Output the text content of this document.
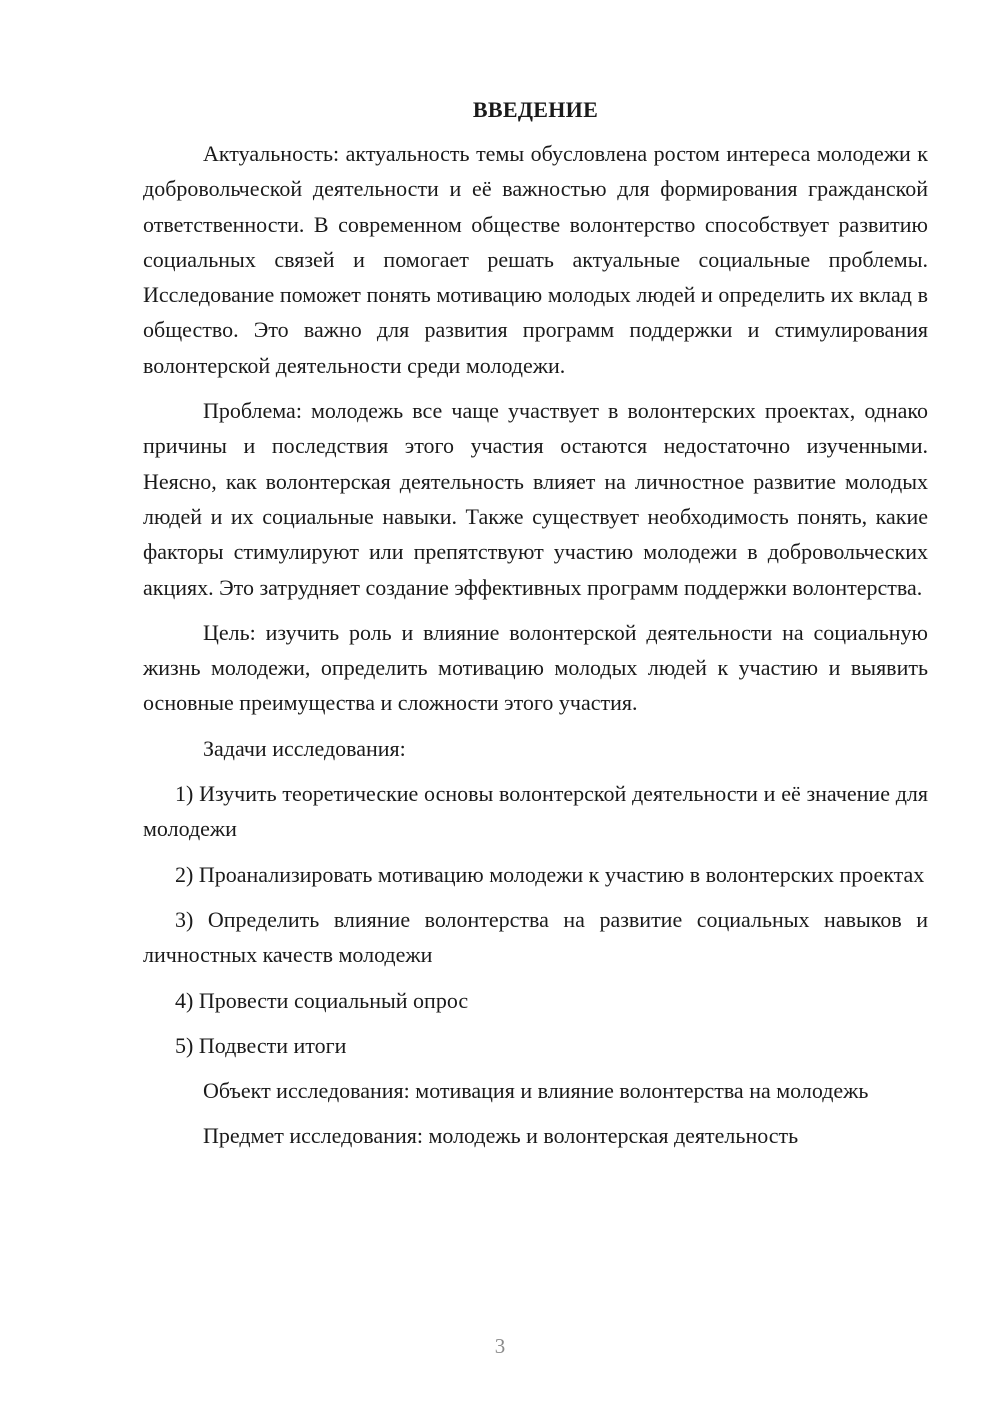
ВВЕДЕНИЕ

Актуальность: актуальность темы обусловлена ростом интереса молодежи к добровольческой деятельности и её важностью для формирования гражданской ответственности. В современном обществе волонтерство способствует развитию социальных связей и помогает решать актуальные социальные проблемы. Исследование поможет понять мотивацию молодых людей и определить их вклад в общество. Это важно для развития программ поддержки и стимулирования волонтерской деятельности среди молодежи.

Проблема: молодежь все чаще участвует в волонтерских проектах, однако причины и последствия этого участия остаются недостаточно изученными. Неясно, как волонтерская деятельность влияет на личностное развитие молодых людей и их социальные навыки. Также существует необходимость понять, какие факторы стимулируют или препятствуют участию молодежи в добровольческих акциях. Это затрудняет создание эффективных программ поддержки волонтерства.

Цель: изучить роль и влияние волонтерской деятельности на социальную жизнь молодежи, определить мотивацию молодых людей к участию и выявить основные преимущества и сложности этого участия.

Задачи исследования:

1) Изучить теоретические основы волонтерской деятельности и её значение для молодежи

2) Проанализировать мотивацию молодежи к участию в волонтерских проектах

3) Определить влияние волонтерства на развитие социальных навыков и личностных качеств молодежи

4) Провести социальный опрос

5) Подвести итоги

Объект исследования: мотивация и влияние волонтерства на молодежь

Предмет исследования: молодежь и волонтерская деятельность

3
